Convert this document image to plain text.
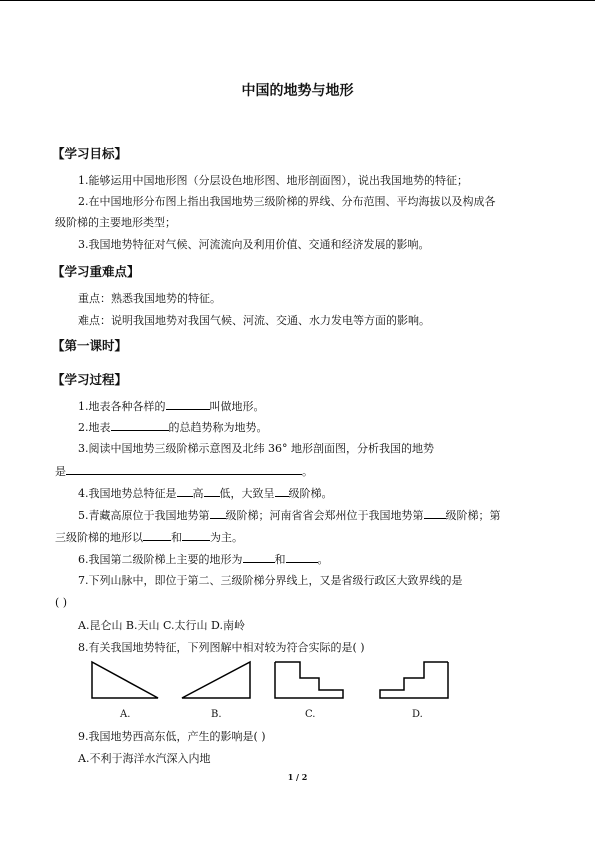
中国的地势与地形
【学习目标】
1.能够运用中国地形图（分层设色地形图、地形剖面图），说出我国地势的特征；
2.在中国地形分布图上指出我国地势三级阶梯的界线、分布范围、平均海拔以及构成各
级阶梯的主要地形类型；
3.我国地势特征对气候、河流流向及利用价值、交通和经济发展的影响。
【学习重难点】
重点：熟悉我国地势的特征。
难点：说明我国地势对我国气候、河流、交通、水力发电等方面的影响。
【第一课时】
【学习过程】
1.地表各种各样的	叫做地形。
2.地表	的总趋势称为地势。
3.阅读中国地势三级阶梯示意图及北纬 36° 地形剖面图，分析我国的地势
是	。
4.我国地势总特征是 高 低，大致呈 级阶梯。
5.青藏高原位于我国地势第 级阶梯；河南省省会郑州位于我国地势第 级阶梯；第
三级阶梯的地形以	和	为主。
6.我国第二级阶梯上主要的地形为	和	。
7.下列山脉中，即位于第二、三级阶梯分界线上，又是省级行政区大致界线的是
( )
A.昆仑山 B.天山 C.太行山 D.南岭
8.有关我国地势特征，下列图解中相对较为符合实际的是( )
A.	B.	C.	D.
9.我国地势西高东低，产生的影响是( )
A.不利于海洋水汽深入内地
1 / 2
